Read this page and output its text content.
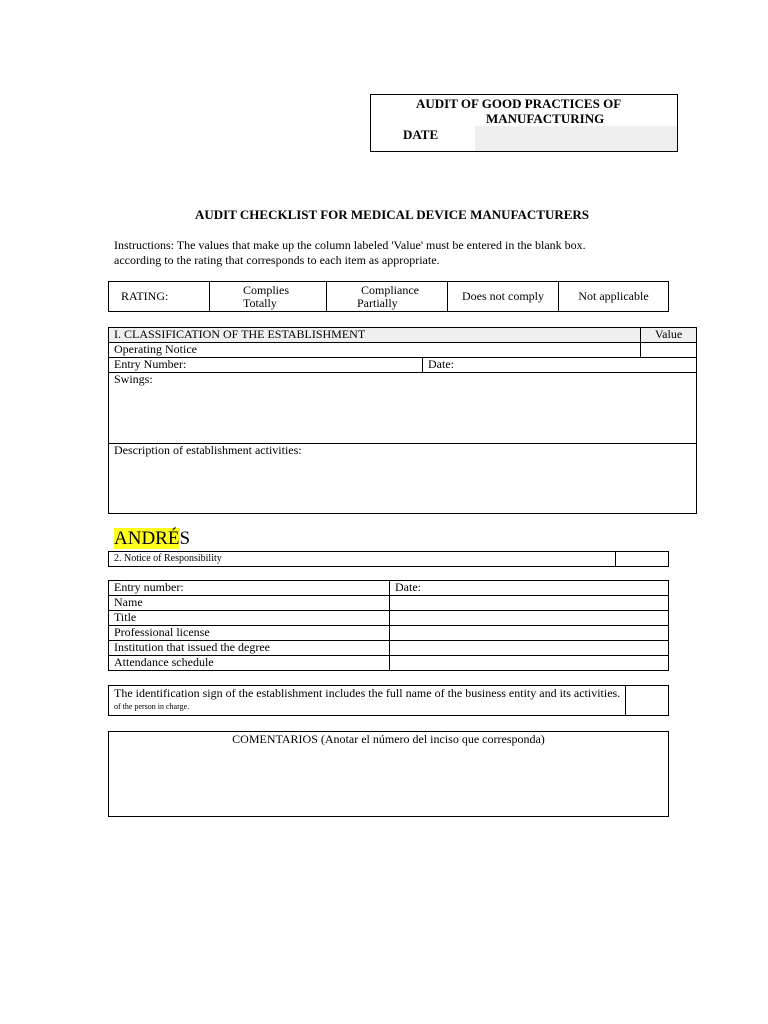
AUDIT OF GOOD PRACTICES OF
MANUFACTURING
DATE
AUDIT CHECKLIST FOR MEDICAL DEVICE MANUFACTURERS
Instructions: The values that make up the column labeled 'Value' must be entered in the blank box.
according to the rating that corresponds to each item as appropriate.
RATING:	Complies
Totally

Compliance
Partially	Does not comply	Not applicable
I. CLASSIFICATION OF THE ESTABLISHMENT		Value
Operating Notice		
Entry Number:	Date:	
Swings:		
Description of establishment activities:		
ANDRÉS
2. Notice of Responsibility	
Entry number:	Date:
Name	
Title	
Professional license	
Institution that issued the degree	
Attendance schedule	
The identification sign of the establishment includes the full name of the business entity and its activities.
of the person in charge.

COMENTARIOS (Anotar el número del inciso que corresponda)
